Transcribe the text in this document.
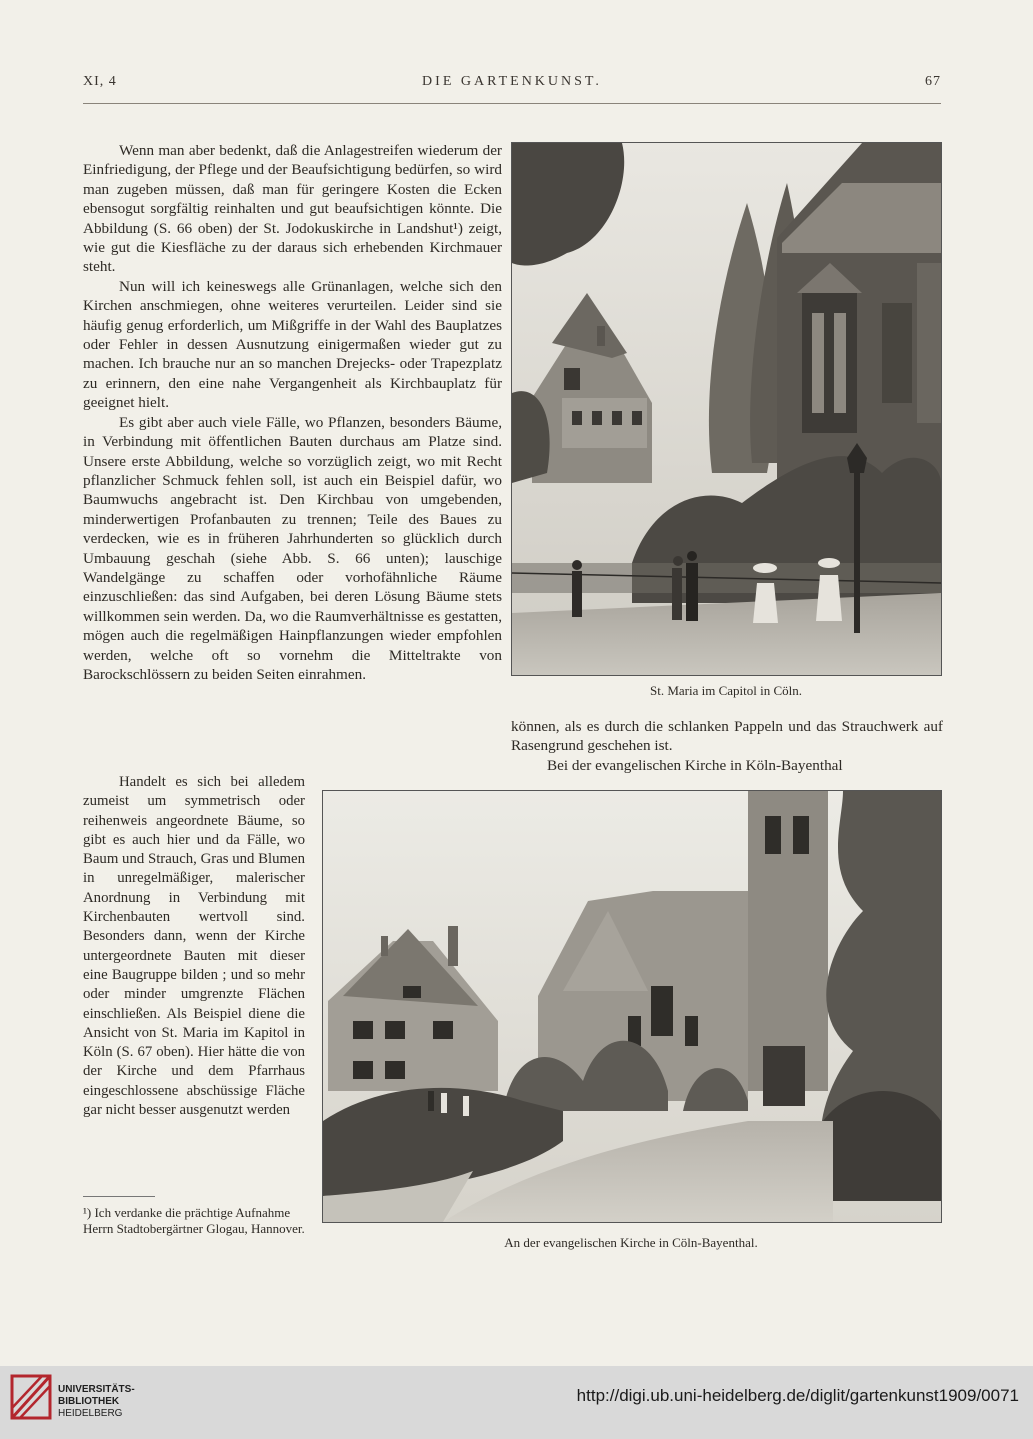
XI, 4	DIE GARTENKUNST.	67

Wenn man aber bedenkt, daß die Anlagestreifen wiederum der Einfriedigung, der Pflege und der Beaufsichtigung bedürfen, so wird man zugeben müssen, daß man für geringere Kosten die Ecken ebensogut sorgfältig reinhalten und gut beaufsichtigen könnte. Die Abbildung (S. 66 oben) der St. Jodokuskirche in Landshut¹) zeigt, wie gut die Kiesfläche zu der daraus sich erhebenden Kirchmauer steht.

Nun will ich keineswegs alle Grünanlagen, welche sich den Kirchen anschmiegen, ohne weiteres verurteilen. Leider sind sie häufig genug erforderlich, um Mißgriffe in der Wahl des Bauplatzes oder Fehler in dessen Ausnutzung einigermaßen wieder gut zu machen. Ich brauche nur an so manchen Drejecks- oder Trapezplatz zu erinnern, den eine nahe Vergangenheit als Kirchbauplatz für geeignet hielt.

Es gibt aber auch viele Fälle, wo Pflanzen, besonders Bäume, in Verbindung mit öffentlichen Bauten durchaus am Platze sind. Unsere erste Abbildung, welche so vorzüglich zeigt, wo mit Recht pflanzlicher Schmuck fehlen soll, ist auch ein Beispiel dafür, wo Baumwuchs angebracht ist. Den Kirchbau von umgebenden, minderwertigen Profanbauten zu trennen; Teile des Baues zu verdecken, wie es in früheren Jahrhunderten so glücklich durch Umbauung geschah (siehe Abb. S. 66 unten); lauschige Wandelgänge zu schaffen oder vorhofähnliche Räume einzuschließen: das sind Aufgaben, bei deren Lösung Bäume stets willkommen sein werden. Da, wo die Raumverhältnisse es gestatten, mögen auch die regelmäßigen Hainpflanzungen wieder empfohlen werden, welche oft so vornehm die Mitteltrakte von Barockschlössern zu beiden Seiten einrahmen.

St. Maria im Capitol in Cöln.

können, als es durch die schlanken Pappeln und das Strauchwerk auf Rasengrund geschehen ist.

Bei der evangelischen Kirche in Köln-Bayenthal

Handelt es sich bei alledem zumeist um symmetrisch oder reihenweis angeordnete Bäume, so gibt es auch hier und da Fälle, wo Baum und Strauch, Gras und Blumen in unregelmäßiger, malerischer Anordnung in Verbindung mit Kirchenbauten wertvoll sind. Besonders dann, wenn der Kirche untergeordnete Bauten mit dieser eine Baugruppe bilden ; und so mehr oder minder umgrenzte Flächen einschließen. Als Beispiel diene die Ansicht von St. Maria im Kapitol in Köln (S. 67 oben). Hier hätte die von der Kirche und dem Pfarrhaus eingeschlossene abschüssige Fläche gar nicht besser ausgenutzt werden

An der evangelischen Kirche in Cöln-Bayenthal.
¹) Ich verdanke die prächtige Aufnahme Herrn Stadtobergärtner Glogau, Hannover.
UNIVERSITÄTS-
BIBLIOTHEK
HEIDELBERG
http://digi.ub.uni-heidelberg.de/diglit/gartenkunst1909/0071
